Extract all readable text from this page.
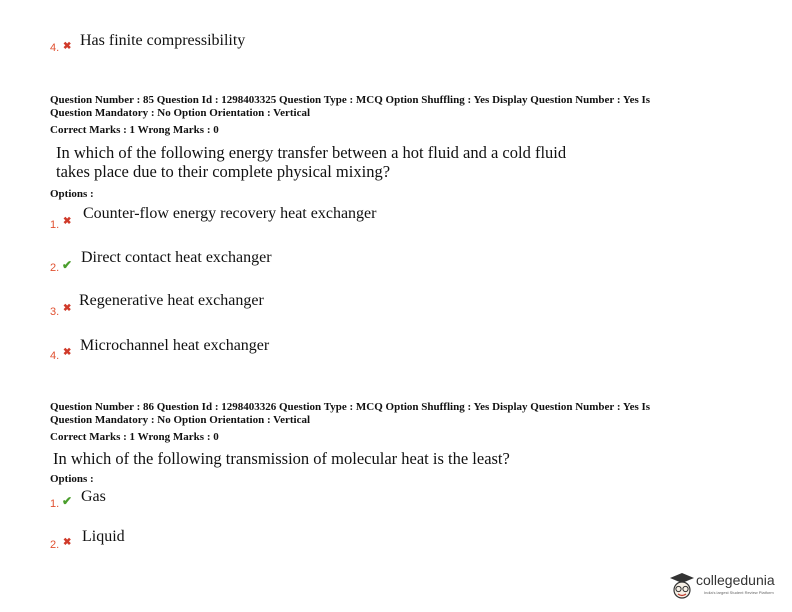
4. ✖ Has finite compressibility
Question Number : 85 Question Id : 1298403325 Question Type : MCQ Option Shuffling : Yes Display Question Number : Yes Is
Question Mandatory : No Option Orientation : Vertical
Correct Marks : 1 Wrong Marks : 0
In which of the following energy transfer between a hot fluid and a cold fluid
takes place due to their complete physical mixing?
Options :
1. ✖ Counter-flow energy recovery heat exchanger
2. ✔ Direct contact heat exchanger
3. ✖ Regenerative heat exchanger
4. ✖ Microchannel heat exchanger
Question Number : 86 Question Id : 1298403326 Question Type : MCQ Option Shuffling : Yes Display Question Number : Yes Is
Question Mandatory : No Option Orientation : Vertical
Correct Marks : 1 Wrong Marks : 0
In which of the following transmission of molecular heat is the least?
Options :
1. ✔ Gas
2. ✖ Liquid
collegedunia
India's largest Student Review Platform
